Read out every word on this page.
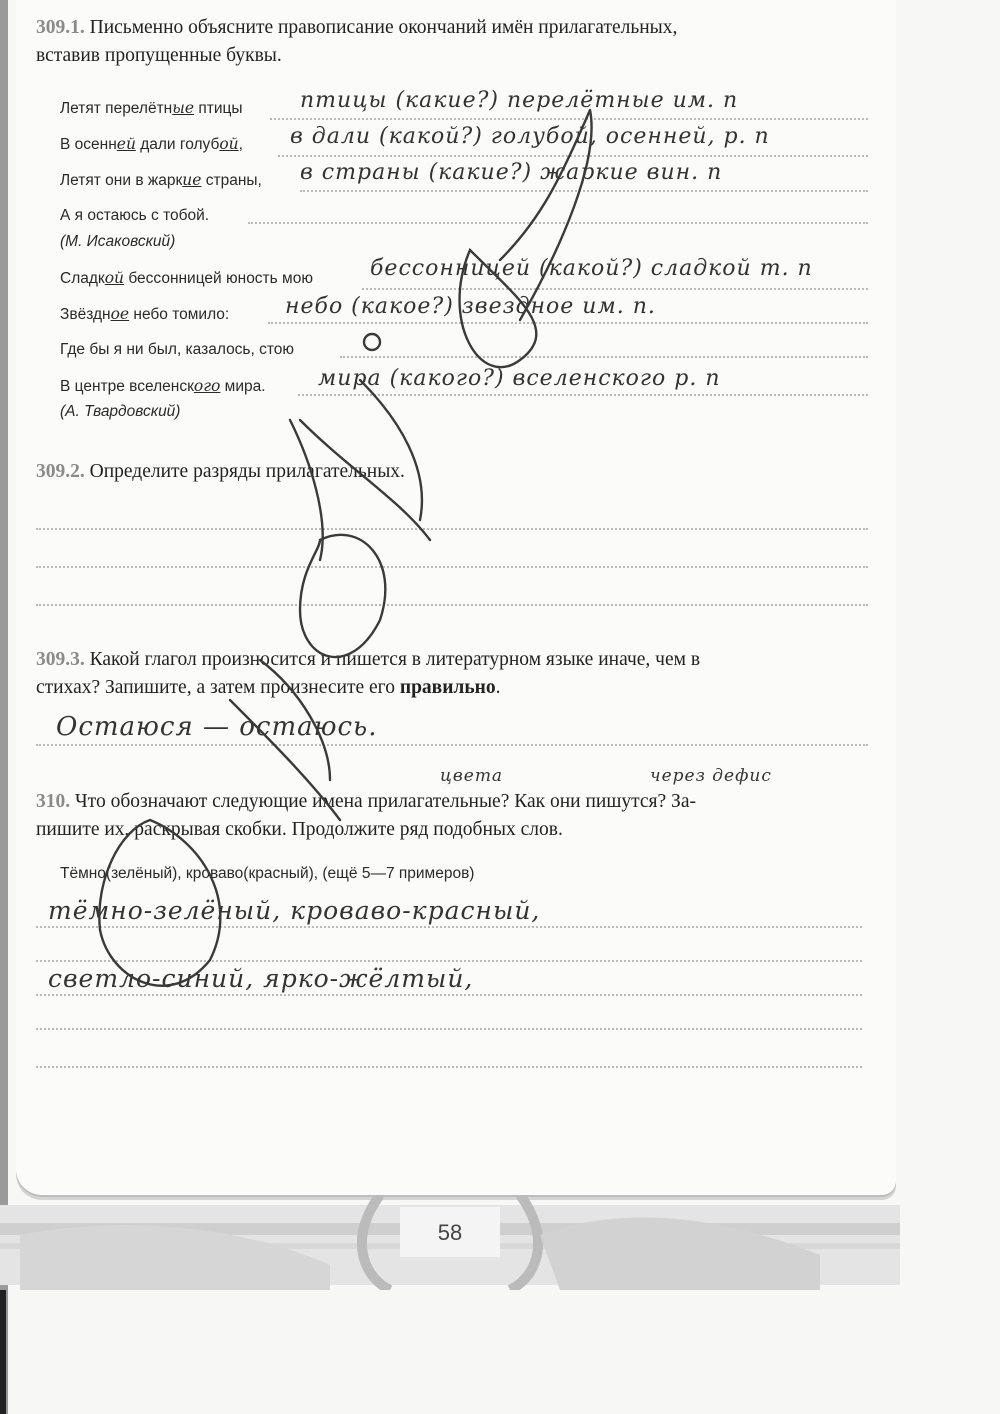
309.1. Письменно объясните правописание окончаний имён прилагательных,
вставив пропущенные буквы.
Летят перелётные птицы	птицы (какие?) перелётные им. п
В осенней дали голубой, в дали (какой?) голубой, осенней, р. п
Летят они в жаркие страны, в страны (какие?) жаркие вин. п
А я остаюсь с тобой.
(М. Исаковский)
Сладкой бессонницей юность мою	бессонницей (какой?) сладкой т. п
Звёздное небо томило:	небо (какое?) звездное им. п.
Где бы я ни был, казалось, стою
В центре вселенского мира. мира (какого?) вселенского р. п
(А. Твардовский)
309.2. Определите разряды прилагательных.
309.3. Какой глагол произносится и пишется в литературном языке иначе, чем в
стихах? Запишите, а затем произнесите его правильно.
Остаюся — остаюсь.
цвета	через дефис
310. Что обозначают следующие имена прилагательные? Как они пишутся? За-
пишите их, раскрывая скобки. Продолжите ряд подобных слов.
Тёмно(зелёный), кроваво(красный), (ещё 5—7 примеров)
тёмно-зелёный, кроваво-красный,
светло-синий, ярко-жёлтый,
58
